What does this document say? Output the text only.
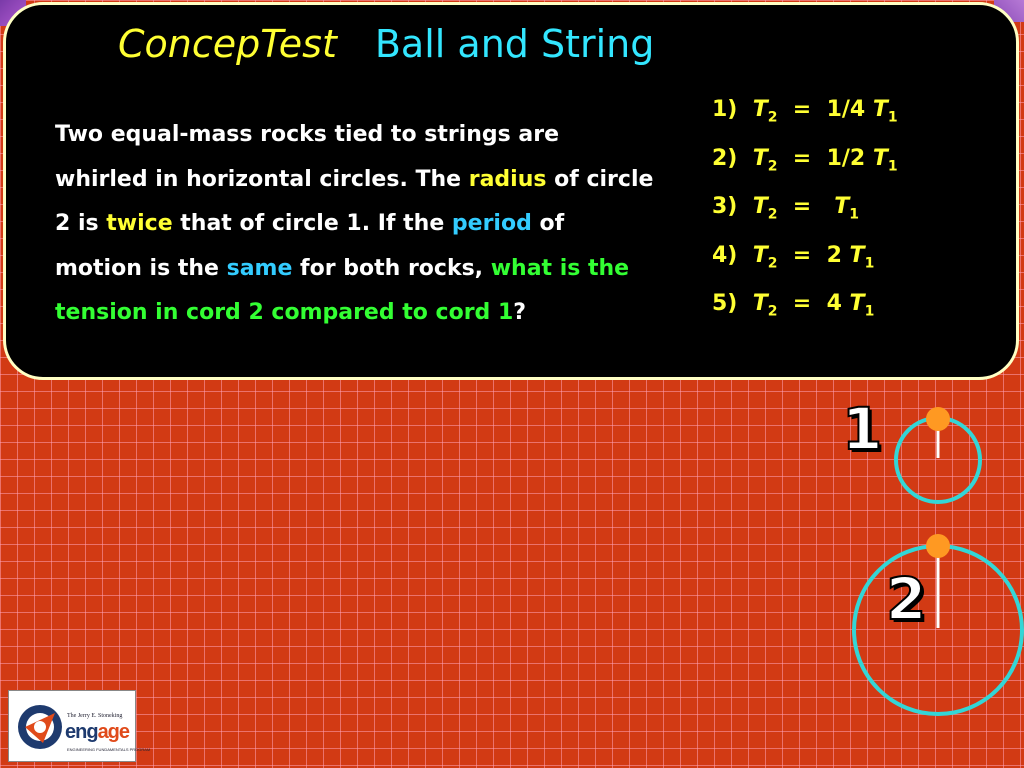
ConcepTest Ball and String
Two equal-mass rocks tied to strings are whirled in horizontal circles. The radius of circle 2 is twice that of circle 1. If the period of motion is the same for both rocks, what is the tension in cord 2 compared to cord 1?
1) $T_2 = 1/4$ $T_1$
2) $T_2 = 1/2$ $T_1$
3) $T_2 = T_1$
4) $T_2 = 2$ $T_1$
5) $T_2 = 4$ $T_1$
1
2
The Jerry E. Stoneking
engage
ENGINEERING FUNDAMENTALS PROGRAM
